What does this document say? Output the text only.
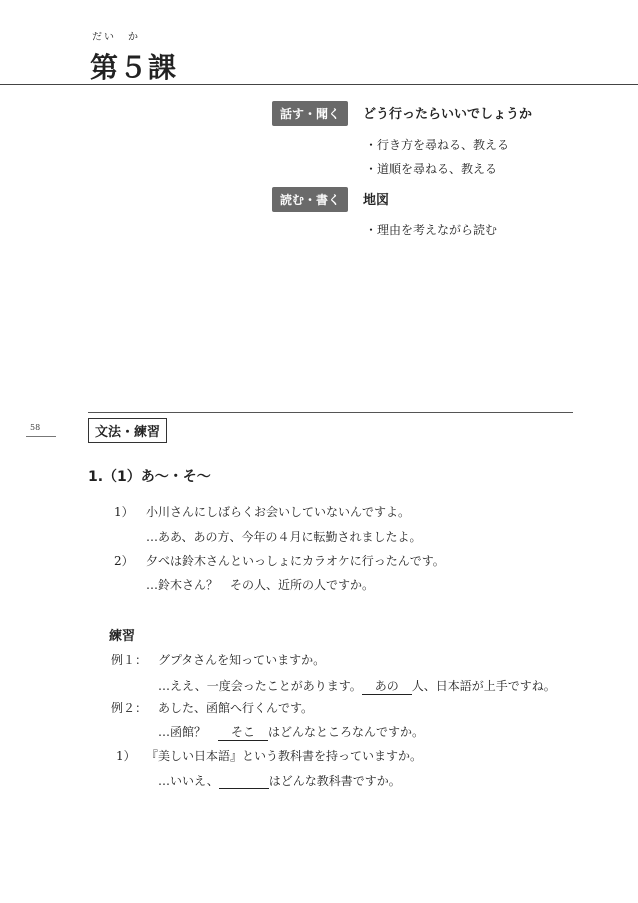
だい　か
第５課
話す・聞く	どう行ったらいいでしょうか
・行き方を尋ねる、教える
・道順を尋ねる、教える
読む・書く	地図
・理由を考えながら読む
58	文法・練習
1.（1）あ～・そ～
1） 小川さんにしばらくお会いしていないんですよ。
…ああ、あの方、今年の４月に転勤されましたよ。
2） 夕べは鈴木さんといっしょにカラオケに行ったんです。
…鈴木さん？　その人、近所の人ですか。
練習
例１： グプタさんを知っていますか。
…ええ、一度会ったことがあります。 あの 人、日本語が上手ですね。
例２： あした、函館へ行くんです。
…函館？　 そこ はどんなところなんですか。
1） 『美しい日本語』という教科書を持っていますか。
…いいえ、	はどんな教科書ですか。
